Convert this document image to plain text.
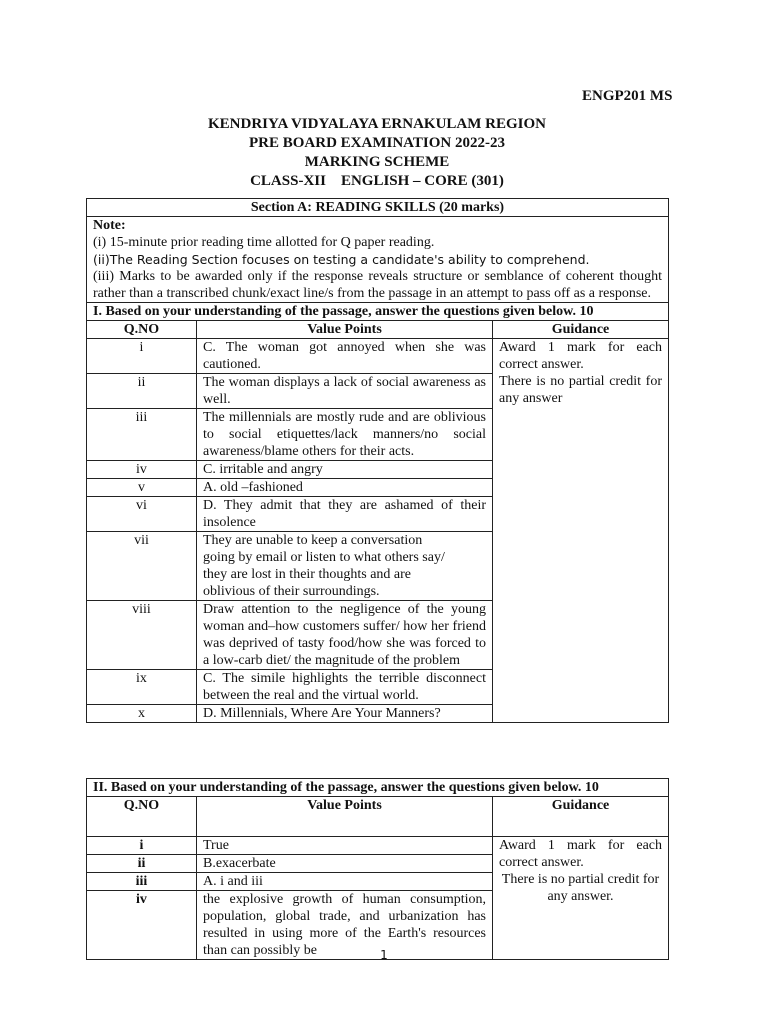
ENGP201 MS
KENDRIYA VIDYALAYA ERNAKULAM REGION
PRE BOARD EXAMINATION 2022-23
MARKING SCHEME
CLASS-XII    ENGLISH – CORE (301)
Section A: READING SKILLS (20 marks)		

Note:
(i) 15-minute prior reading time allotted for Q paper reading.
(ii)The Reading Section focuses on testing a candidate's ability to comprehend.
(iii) Marks to be awarded only if the response reveals structure or semblance of coherent thought rather than a transcribed chunk/exact line/s from the passage in an attempt to pass off as a response.		

I. Based on your understanding of the passage, answer the questions given below. 10		
Q.NO	Value Points	Guidance
i	C. The woman got annoyed when she was cautioned.	Award 1 mark for each correct answer.
There is no partial credit for any answer
ii	The woman displays a lack of social awareness as well.	
iii	The millennials are mostly rude and are oblivious to social etiquettes/lack manners/no social awareness/blame others for their acts.	
iv	C. irritable and angry	
v	A. old –fashioned	
vi	D. They admit that they are ashamed of their insolence	
vii	They are unable to keep a conversation
going by email or listen to what others say/
they are lost in their thoughts and are
oblivious of their surroundings.	
viii	Draw attention to the negligence of the young woman and–how customers suffer/ how her friend was deprived of tasty food/how she was forced to a low-carb diet/ the magnitude of the problem	
ix	C. The simile highlights the terrible disconnect between the real and the virtual world.	
x	D. Millennials, Where Are Your Manners?	
II. Based on your understanding of the passage, answer the questions given below. 10		
Q.NO	Value Points	Guidance
i	True	Award 1 mark for each correct answer.
There is no partial credit for any answer.

ii	B.exacerbate	
iii	A. i and iii	
iv	the explosive growth of human consumption, population, global trade, and urbanization has resulted in using more of the Earth's resources than can possibly be		1
